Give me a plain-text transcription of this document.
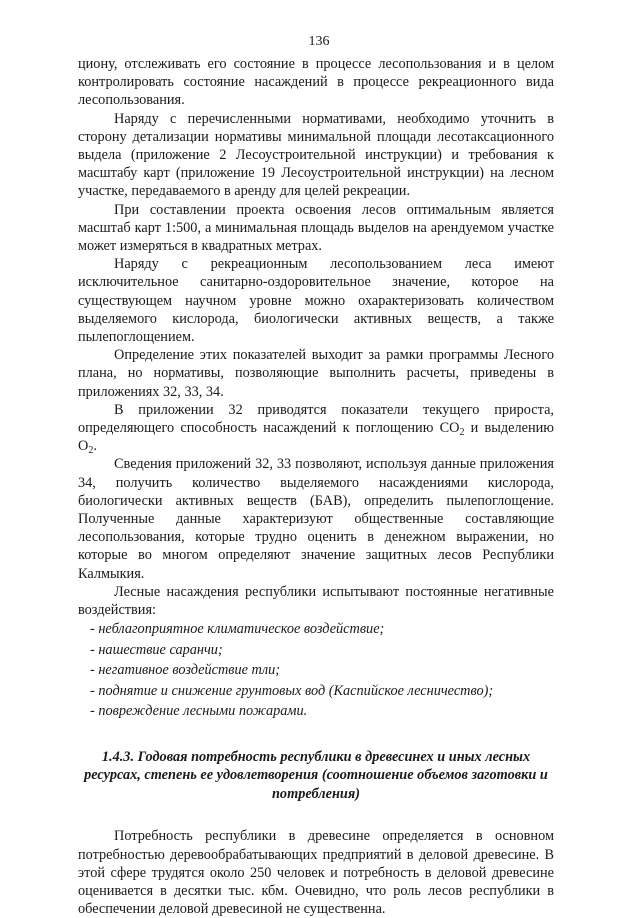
136

циону, отслеживать его состояние в процессе лесопользования и в целом контролировать состояние насаждений в процессе рекреационного вида лесопользования.

Наряду с перечисленными нормативами, необходимо уточнить в сторону детализации нормативы минимальной площади лесотаксационного выдела (приложение 2 Лесоустроительной инструкции) и требования к масштабу карт (приложение 19 Лесоустроительной инструкции) на лесном участке, передаваемого в аренду для целей рекреации.

При составлении проекта освоения лесов оптимальным является масштаб карт 1:500, а минимальная площадь выделов на арендуемом участке может измеряться в квадратных метрах.

Наряду с рекреационным лесопользованием леса имеют исключительное санитарно-оздоровительное значение, которое на существующем научном уровне можно охарактеризовать количеством выделяемого кислорода, биологически активных веществ, а также пылепоглощением.

Определение этих показателей выходит за рамки программы Лесного плана, но нормативы, позволяющие выполнить расчеты, приведены в приложениях 32, 33, 34.

В приложении 32 приводятся показатели текущего прироста, определяющего способность насаждений к поглощению $CO_2$ и выделению $O_2$.

Сведения приложений 32, 33 позволяют, используя данные приложения 34, получить количество выделяемого насаждениями кислорода, биологически активных веществ (БАВ), определить пылепоглощение. Полученные данные характеризуют общественные составляющие лесопользования, которые трудно оценить в денежном выражении, но которые во многом определяют значение защитных лесов Республики Калмыкия.

Лесные насаждения республики испытывают постоянные негативные воздействия:

- неблагоприятное климатическое воздействие;
- нашествие саранчи;
- негативное воздействие тли;
- поднятие и снижение грунтовых вод (Каспийское лесничество);
- повреждение лесными пожарами.
1.4.3. Годовая потребность республики в древесинех и иных лесных ресурсах, степень ее удовлетворения (соотношение объемов заготовки и потребления)

Потребность республики в древесине определяется в основном потребностью деревообрабатывающих предприятий в деловой древесине. В этой сфере трудятся около 250 человек и потребность в деловой древесине оценивается в десятки тыс. кбм. Очевидно, что роль лесов республики в обеспечении деловой древесиной не существенна.
